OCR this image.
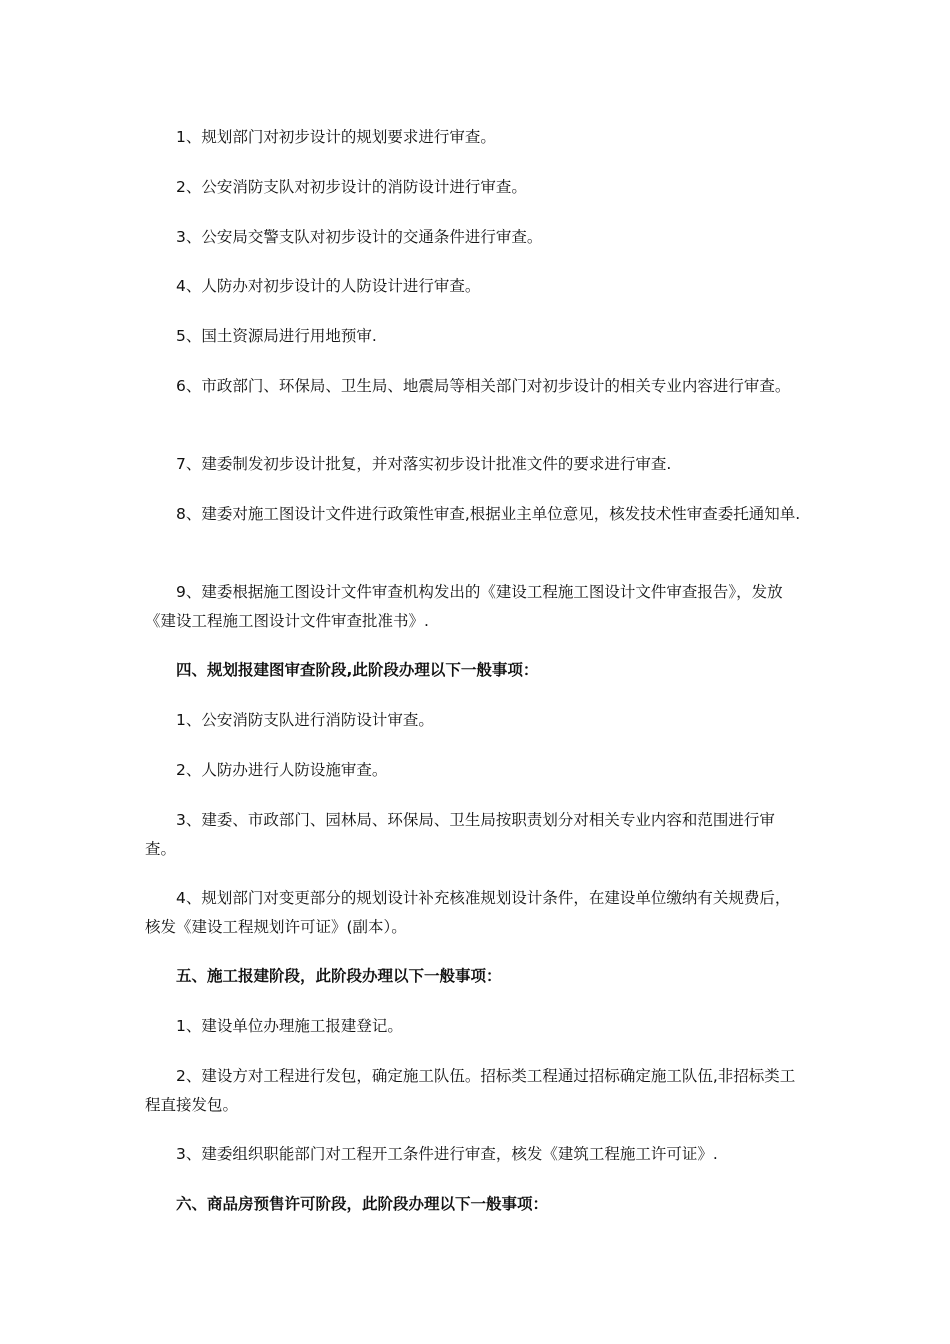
1、规划部门对初步设计的规划要求进行审查。

2、公安消防支队对初步设计的消防设计进行审查。

3、公安局交警支队对初步设计的交通条件进行审查。

4、人防办对初步设计的人防设计进行审查。

5、国土资源局进行用地预审.

6、市政部门、环保局、卫生局、地震局等相关部门对初步设计的相关专业内容进行审查。

7、建委制发初步设计批复，并对落实初步设计批准文件的要求进行审查.

8、建委对施工图设计文件进行政策性审查,根据业主单位意见，核发技术性审查委托通知单.

9、建委根据施工图设计文件审查机构发出的《建设工程施工图设计文件审查报告》，发放《建设工程施工图设计文件审查批准书》.

四、规划报建图审查阶段,此阶段办理以下一般事项：

1、公安消防支队进行消防设计审查。

2、人防办进行人防设施审查。

3、建委、市政部门、园林局、环保局、卫生局按职责划分对相关专业内容和范围进行审查。

4、规划部门对变更部分的规划设计补充核准规划设计条件，在建设单位缴纳有关规费后，核发《建设工程规划许可证》(副本）。

五、施工报建阶段，此阶段办理以下一般事项：

1、建设单位办理施工报建登记。

2、建设方对工程进行发包，确定施工队伍。招标类工程通过招标确定施工队伍,非招标类工程直接发包。

3、建委组织职能部门对工程开工条件进行审查，核发《建筑工程施工许可证》.

六、商品房预售许可阶段，此阶段办理以下一般事项：
